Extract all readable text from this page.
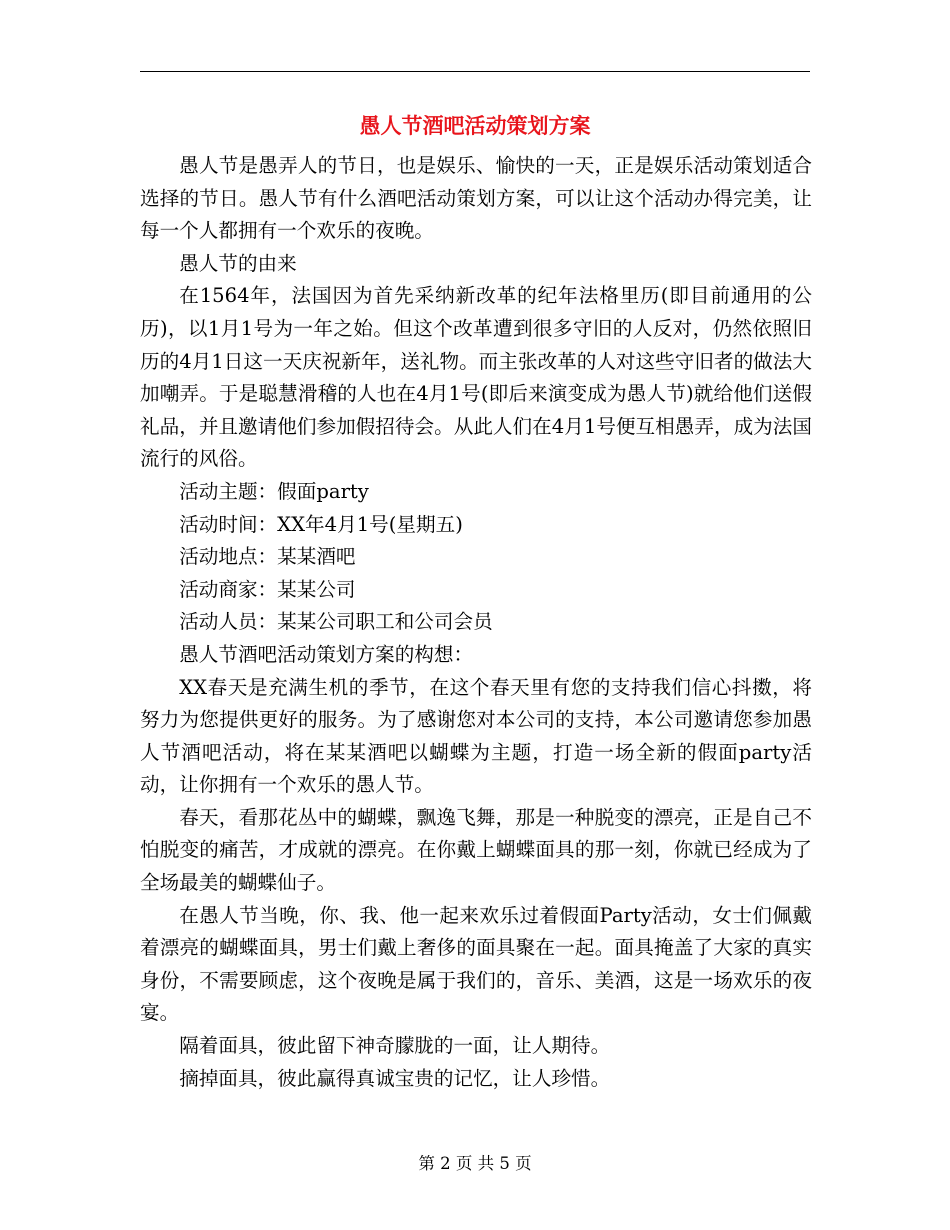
愚人节酒吧活动策划方案

愚人节是愚弄人的节日，也是娱乐、愉快的一天，正是娱乐活动策划适合选择的节日。愚人节有什么酒吧活动策划方案，可以让这个活动办得完美，让每一个人都拥有一个欢乐的夜晚。

愚人节的由来

在1564年，法国因为首先采纳新改革的纪年法格里历(即目前通用的公历)，以1月1号为一年之始。但这个改革遭到很多守旧的人反对，仍然依照旧历的4月1日这一天庆祝新年，送礼物。而主张改革的人对这些守旧者的做法大加嘲弄。于是聪慧滑稽的人也在4月1号(即后来演变成为愚人节)就给他们送假礼品，并且邀请他们参加假招待会。从此人们在4月1号便互相愚弄，成为法国流行的风俗。

活动主题：假面party

活动时间：XX年4月1号(星期五)

活动地点：某某酒吧

活动商家：某某公司

活动人员：某某公司职工和公司会员

愚人节酒吧活动策划方案的构想：

XX春天是充满生机的季节，在这个春天里有您的支持我们信心抖擞，将努力为您提供更好的服务。为了感谢您对本公司的支持，本公司邀请您参加愚人节酒吧活动，将在某某酒吧以蝴蝶为主题，打造一场全新的假面party活动，让你拥有一个欢乐的愚人节。

春天，看那花丛中的蝴蝶，飘逸飞舞，那是一种脱变的漂亮，正是自己不怕脱变的痛苦，才成就的漂亮。在你戴上蝴蝶面具的那一刻，你就已经成为了全场最美的蝴蝶仙子。

在愚人节当晚，你、我、他一起来欢乐过着假面Party活动，女士们佩戴着漂亮的蝴蝶面具，男士们戴上奢侈的面具聚在一起。面具掩盖了大家的真实身份，不需要顾虑，这个夜晚是属于我们的，音乐、美酒，这是一场欢乐的夜宴。

隔着面具，彼此留下神奇朦胧的一面，让人期待。

摘掉面具，彼此赢得真诚宝贵的记忆，让人珍惜。

第 2 页 共 5 页
